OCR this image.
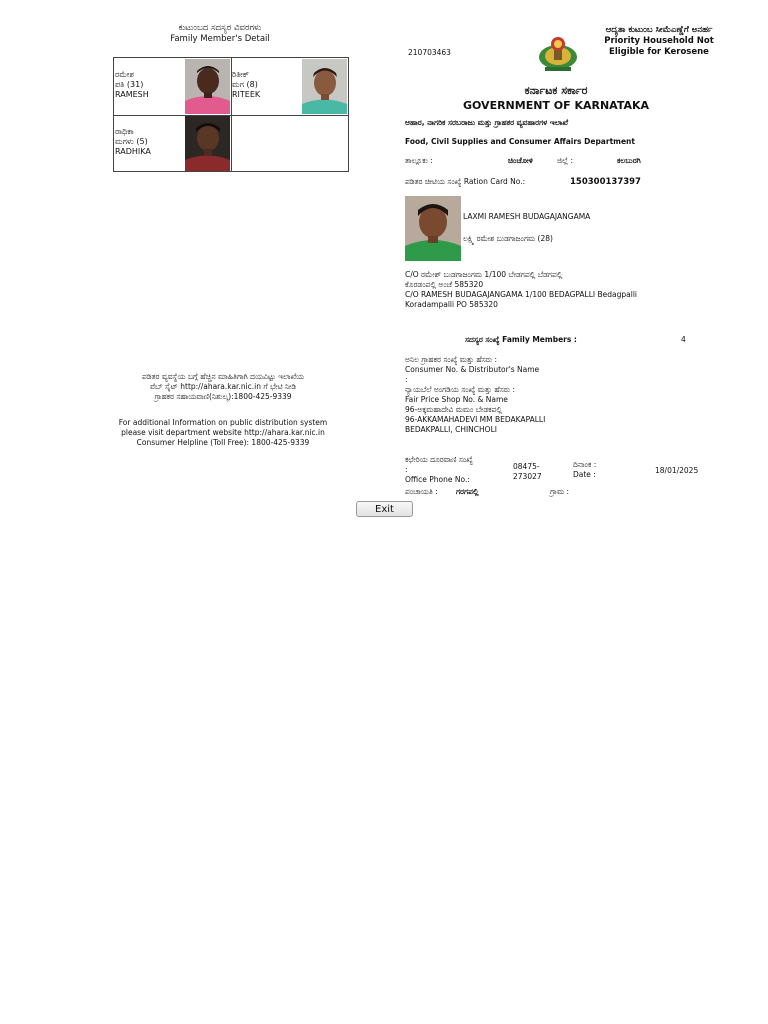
ಕುಟುಂಬದ ಸದಸ್ಯರ ವಿವರಗಳು
Family Member's Detail
ರಮೇಶ
ಪತಿ (31)
RAMESH
ರಿತೀಕ್
ಮಗ (8)
RITEEK
ರಾಧಿಕಾ
ಮಗಳು (5)
RADHIKA
210703463
ಆದ್ಯತಾ ಕುಟುಂಬ ಸೀಮೆಎಣ್ಣೆಗೆ ಅನರ್ಹ
Priority Household Not Eligible for Kerosene
ಕರ್ನಾಟಕ ಸರ್ಕಾರ
GOVERNMENT OF KARNATAKA
ಆಹಾರ, ನಾಗರಿಕ ಸರಬರಾಜು ಮತ್ತು ಗ್ರಾಹಕರ ವ್ಯವಹಾರಗಳ ಇಲಾಖೆ
Food, Civil Supplies and Consumer Affairs Department
ತಾಲ್ಲೂಕು :	ಚಿಂಚೋಳಿ	ಜಿಲ್ಲೆ :	ಕಲಬುರಗಿ
ಪಡಿತರ ಚೀಟಿಯ ಸಂಖ್ಯೆ Ration Card No.:	150300137397
LAXMI RAMESH BUDAGAJANGAMA
ಲಕ್ಷ್ಮಿ ರಮೇಶ ಬುಡಗಾಜಂಗಮ (28)
C/O ರಮೇಶ್ ಬುಡಗಾಜಂಗಮ 1/100 ಬೇಡಗಪಲ್ಲಿ ಬೆಡಗಪಲ್ಲಿ
ಕೊರಡಂಪಲ್ಲಿ ಅಂಚೆ 585320
C/O RAMESH BUDAGAJANGAMA 1/100 BEDAGPALLI Bedagpalli
Koradampalli PO 585320
ಸದಸ್ಯರ ಸಂಖ್ಯೆ Family Members :	4
ಅನಿಲ ಗ್ರಾಹಕರ ಸಂಖ್ಯೆ ಮತ್ತು ಹೆಸರು :
Consumer No. & Distributor's Name
:
ನ್ಯಾಯಬೆಲೆ ಅಂಗಡಿಯ ಸಂಖ್ಯೆ ಮತ್ತು ಹೆಸರು :
Fair Price Shop No. & Name
96-ಅಕ್ಕಮಹಾದೇವಿ ಮಮಂ ಬೇಡಕಪಲ್ಲಿ
96-AKKAMAHADEVI MM BEDAKAPALLI
BEDAKPALLI, CHINCHOLI
ಕಛೇರಿಯ ದೂರವಾಣಿ ಸಂಖ್ಯೆ
:
Office Phone No.:
08475-
273027
ದಿನಾಂಕ :
Date :	18/01/2025
ಪಂಚಾಯತಿ : ಗರಗಪಲ್ಲಿ	ಗ್ರಾಮ :
ಪಡಿತರ ವ್ಯವಸ್ಥೆಯ ಬಗ್ಗೆ ಹೆಚ್ಚಿನ ಮಾಹಿತಿಗಾಗಿ ದಯವಿಟ್ಟು ಇಲಾಖೆಯ
ವೆಬ್ ಸೈಟ್ http://ahara.kar.nic.in ಗೆ ಭೇಟಿ ನೀಡಿ
ಗ್ರಾಹಕರ ಸಹಾಯವಾಣಿ(ನಿಶುಲ್ಕ):1800-425-9339
For additional Information on public distribution system
please visit department website http://ahara.kar.nic.in
Consumer Helpline (Toll Free): 1800-425-9339
Exit
